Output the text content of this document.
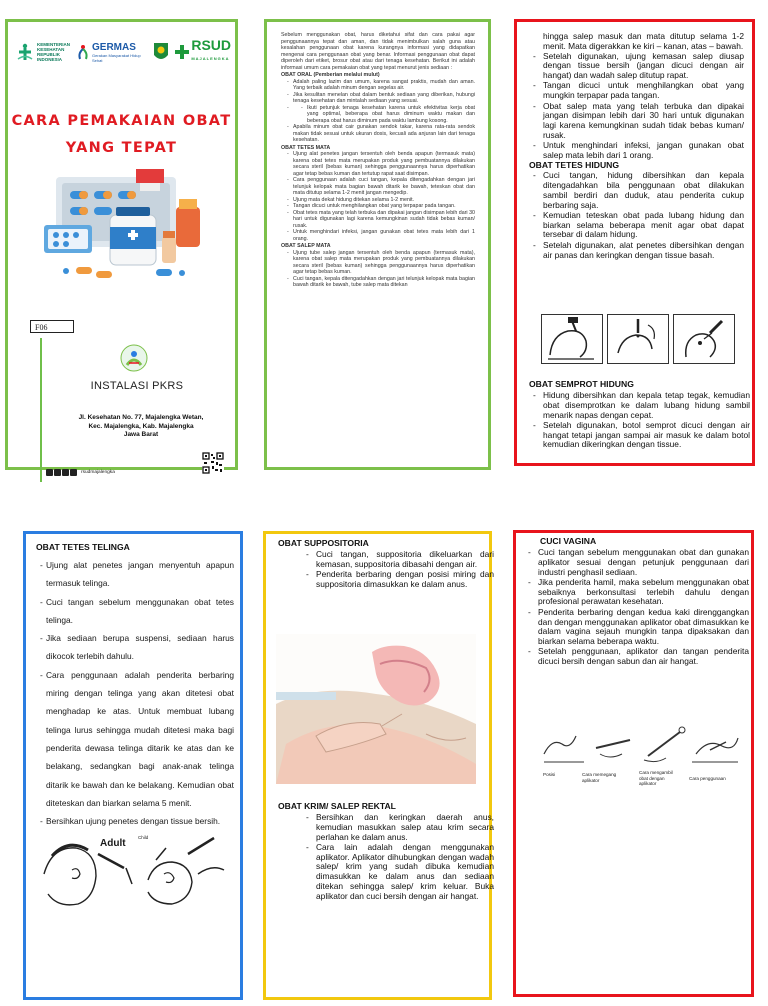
KEMENTERIAN KESEHATAN REPUBLIK INDONESIA
GERMAS
Gerakan Masyarakat Hidup Sehat
RSUD
MAJALENGKA
CARA PEMAKAIAN OBAT
YANG TEPAT
F06
INSTALASI PKRS
Jl. Kesehatan No. 77, Majalengka Wetan,
Kec. Majalengka, Kab. Majalengka
Jawa Barat
rsudmajalengka

Sebelum menggunakan obat, harus diketahui sifat dan cara pakai agar penggunaannya tepat dan aman, dan tidak menimbulkan salah guna atau kesalahan penggunaan obat karena kurangnya informasi yang didapatkan mengenai cara penggunaan obat yang benar. Informasi penggunaan obat dapat diperoleh dari etiket, brosur obat atau dari tenaga kesehatan. Berikut ini adalah informasi umum cara pemakaian obat yang tepat menurut jenis sediaan :

OBAT ORAL (Pemberian melalui mulut)

- Adalah paling lazim dan umum, karena sangat praktis, mudah dan aman. Yang terbaik adalah minum dengan segelas air.
- Jika kesulitan menelan obat dalam bentuk sediaan yang diberikan, hubungi tenaga kesehatan dan mintalah sediaan yang sesuai.
- - Ikuti petunjuk tenaga kesehatan karena untuk efektivitas kerja obat yang optimal, beberapa obat harus diminum waktu makan dan beberapa obat harus diminum pada waktu lambung kosong.
- Apabila minum obat cair gunakan sendok takar, karena rata-rata sendok makan tidak sesuai untuk ukuran dosis, kecuali ada anjuran lain dari tenaga kesehatan.

OBAT TETES MATA

- Ujung alat penetes jangan tersentuh oleh benda apapun (termasuk mata) karena obat tetes mata merupakan produk yang pembuatannya dilakukan secara steril (bebas kuman) sehingga penggunaannya harus diperhatikan agar tetap bebas kuman dan tertutup rapat saat disimpan.
- Cara penggunaan adalah cuci tangan, kepala ditengadahkan dengan jari telunjuk kelopak mata bagian bawah ditarik ke bawah, teteskan obat dan mata ditutup selama 1-2 menit jangan mengedip.
- Ujung mata dekat hidung ditekan selama 1-2 menit.
- Tangan dicuci untuk menghilangkan obat yang terpapar pada tangan.
- Obat tetes mata yang telah terbuka dan dipakai jangan disimpan lebih dari 30 hari untuk digunakan lagi karena kemungkinan sudah tidak bebas kuman/ rusak.
- Untuk menghindari infeksi, jangan gunakan obat tetes mata lebih dari 1 orang.

OBAT SALEP MATA

- Ujung tube salep jangan tersentuh oleh benda apapun (termasuk mata), karena obat salep mata merupakan produk yang pembuatannya dilakukan secara steril (bebas kuman) sehingga penggunaannya harus diperhatikan agar tetap bebas kuman.
- Cuci tangan, kepala ditengadahkan dengan jari telunjuk kelopak mata bagian bawah ditarik ke bawah, tube salep mata ditekan
hingga salep masuk dan mata ditutup selama 1-2 menit. Mata digerakkan ke kiri – kanan, atas – bawah.
- Setelah digunakan, ujung kemasan salep diusap dengan tissue bersih (jangan dicuci dengan air hangat) dan wadah salep ditutup rapat.
- Tangan dicuci untuk menghilangkan obat yang mungkin terpapar pada tangan.
- Obat salep mata yang telah terbuka dan dipakai jangan disimpan lebih dari 30 hari untuk digunakan lagi karena kemungkinan sudah tidak bebas kuman/ rusak.
- Untuk menghindari infeksi, jangan gunakan obat salep mata lebih dari 1 orang.
OBAT TETES HIDUNG
- Cuci tangan, hidung dibersihkan dan kepala ditengadahkan bila penggunaan obat dilakukan sambil berdiri dan duduk, atau penderita cukup berbaring saja.
- Kemudian teteskan obat pada lubang hidung dan biarkan selama beberapa menit agar obat dapat tersebar di dalam hidung.
- Setelah digunakan, alat penetes dibersihkan dengan air panas dan keringkan dengan tissue basah.
OBAT SEMPROT HIDUNG
- Hidung dibersihkan dan kepala tetap tegak, kemudian obat disemprotkan ke dalam lubang hidung sambil menarik napas dengan cepat.
- Setelah digunakan, botol semprot dicuci dengan air hangat tetapi jangan sampai air masuk ke dalam botol kemudian dikeringkan dengan tissue.
OBAT TETES TELINGA
- Ujung alat penetes jangan menyentuh apapun termasuk telinga.
- Cuci tangan sebelum menggunakan obat tetes telinga.
- Jika sediaan berupa suspensi, sediaan harus dikocok terlebih dahulu.
- Cara penggunaan adalah penderita berbaring miring dengan telinga yang akan ditetesi obat menghadap ke atas. Untuk membuat lubang telinga lurus sehingga mudah ditetesi maka bagi penderita dewasa telinga ditarik ke atas dan ke belakang, sedangkan bagi anak-anak telinga ditarik ke bawah dan ke belakang. Kemudian obat diteteskan dan biarkan selama 5 menit.
- Bersihkan ujung penetes dengan tissue bersih.
Adult
Child
OBAT SUPPOSITORIA
- Cuci tangan, suppositoria dikeluarkan dari kemasan, suppositoria dibasahi dengan air.
- Penderita berbaring dengan posisi miring dan suppositoria dimasukkan ke dalam anus.
OBAT KRIM/ SALEP REKTAL
- Bersihkan dan keringkan daerah anus, kemudian masukkan salep atau krim secara perlahan ke dalam anus.
- Cara lain adalah dengan menggunakan aplikator. Aplikator dihubungkan dengan wadah salep/ krim yang sudah dibuka kemudian dimasukkan ke dalam anus dan sediaan ditekan sehingga salep/ krim keluar. Buka aplikator dan cuci bersih dengan air hangat.
CUCI VAGINA
- Cuci tangan sebelum menggunakan obat dan gunakan aplikator sesuai dengan petunjuk penggunaan dari industri penghasil sediaan.
- Jika penderita hamil, maka sebelum menggunakan obat sebaiknya berkonsultasi terlebih dahulu dengan profesional perawatan kesehatan.
- Penderita berbaring dengan kedua kaki direnggangkan dan dengan menggunakan aplikator obat dimasukkan ke dalam vagina sejauh mungkin tanpa dipaksakan dan biarkan selama beberapa waktu.
- Setelah penggunaan, aplikator dan tangan penderita dicuci bersih dengan sabun dan air hangat.
Posisi	Cara memegang aplikator
Cara mengambil obat dengan aplikator
Cara penggunaan
